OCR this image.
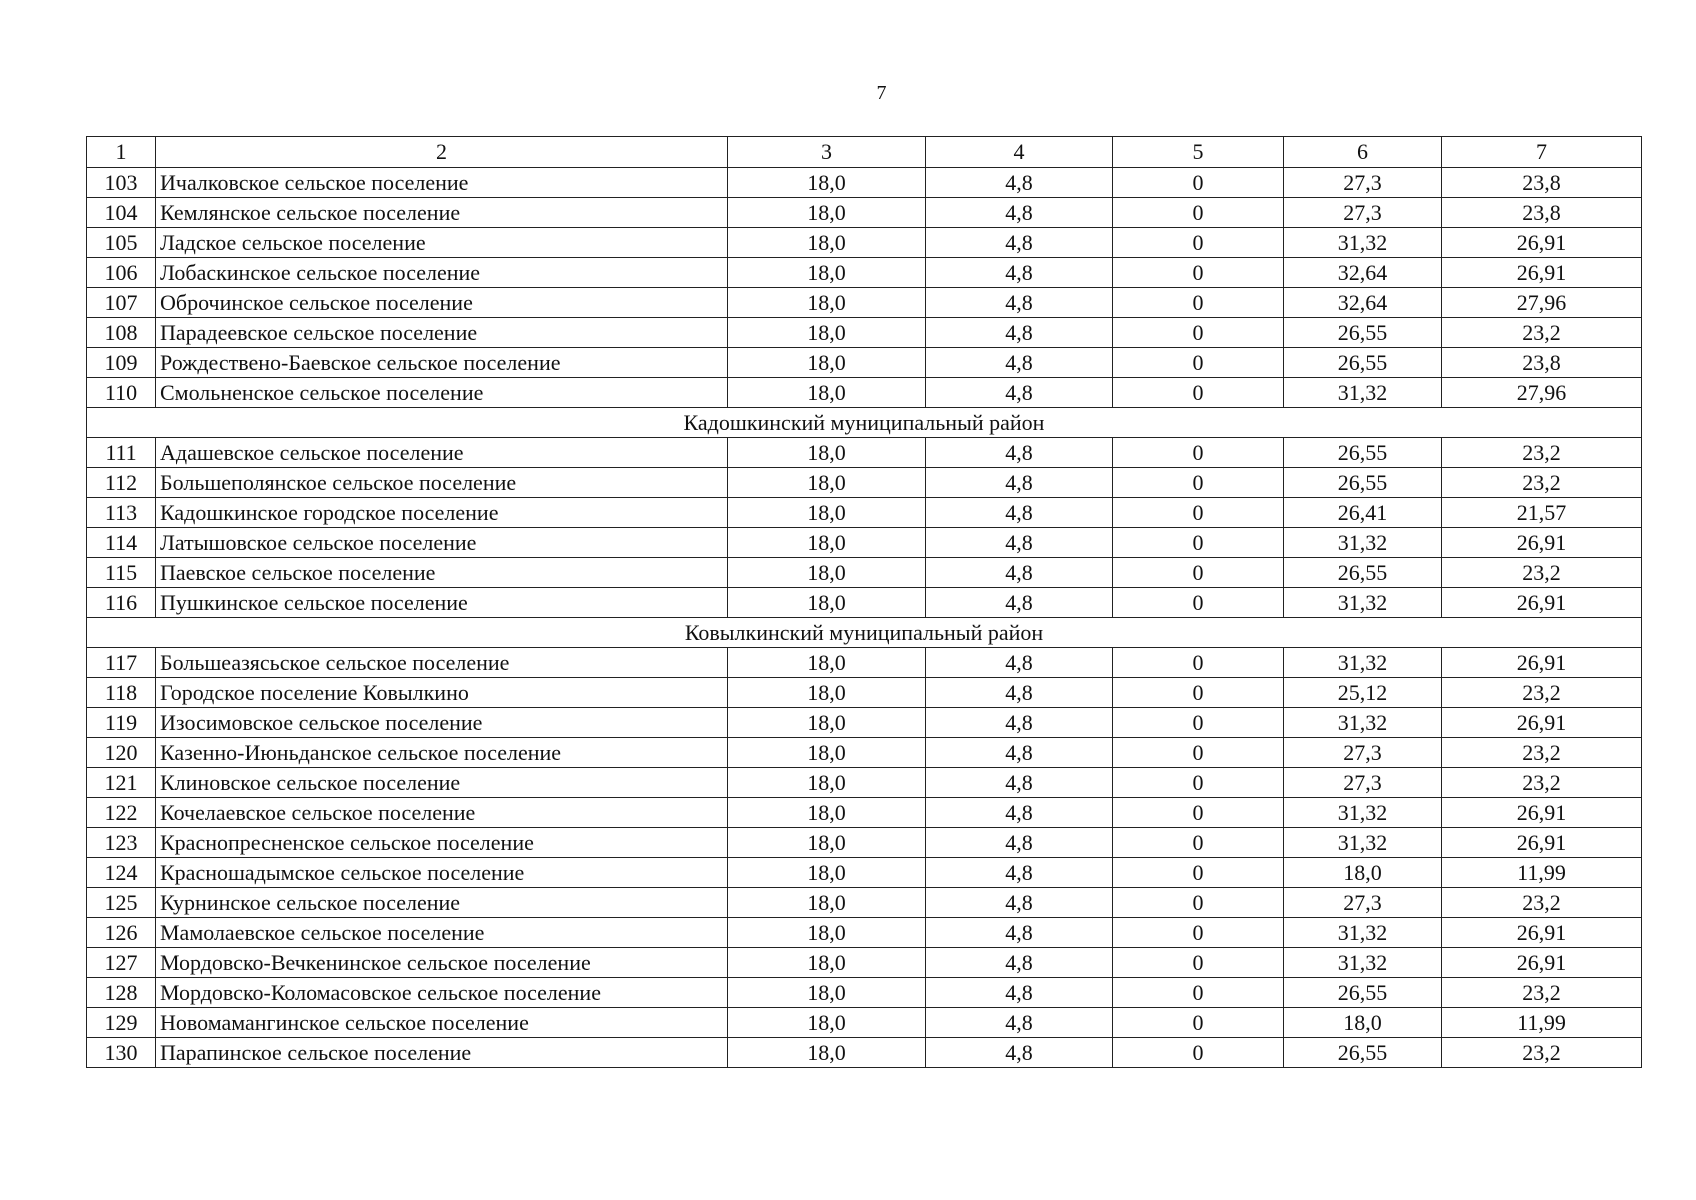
7
1	2	3	4	5	6	7
103	Ичалковское сельское поселение	18,0	4,8	0	27,3	23,8
104	Кемлянское сельское поселение	18,0	4,8	0	27,3	23,8
105	Ладское сельское поселение	18,0	4,8	0	31,32	26,91
106	Лобаскинское сельское поселение	18,0	4,8	0	32,64	26,91
107	Оброчинское сельское поселение	18,0	4,8	0	32,64	27,96
108	Парадеевское сельское поселение	18,0	4,8	0	26,55	23,2
109	Рождествено-Баевское сельское поселение	18,0	4,8	0	26,55	23,8
110	Смольненское сельское поселение	18,0	4,8	0	31,32	27,96
Кадошкинский муниципальный район						
111	Адашевское сельское поселение	18,0	4,8	0	26,55	23,2
112	Большеполянское сельское поселение	18,0	4,8	0	26,55	23,2
113	Кадошкинское городское поселение	18,0	4,8	0	26,41	21,57
114	Латышовское сельское поселение	18,0	4,8	0	31,32	26,91
115	Паевское сельское поселение	18,0	4,8	0	26,55	23,2
116	Пушкинское сельское поселение	18,0	4,8	0	31,32	26,91
Ковылкинский муниципальный район						
117	Большеазясьское сельское поселение	18,0	4,8	0	31,32	26,91
118	Городское поселение Ковылкино	18,0	4,8	0	25,12	23,2
119	Изосимовское сельское поселение	18,0	4,8	0	31,32	26,91
120	Казенно-Июньданское сельское поселение	18,0	4,8	0	27,3	23,2
121	Клиновское сельское поселение	18,0	4,8	0	27,3	23,2
122	Кочелаевское сельское поселение	18,0	4,8	0	31,32	26,91
123	Краснопресненское сельское поселение	18,0	4,8	0	31,32	26,91
124	Красношадымское сельское поселение	18,0	4,8	0	18,0	11,99
125	Курнинское сельское поселение	18,0	4,8	0	27,3	23,2
126	Мамолаевское сельское поселение	18,0	4,8	0	31,32	26,91
127	Мордовско-Вечкенинское сельское поселение	18,0	4,8	0	31,32	26,91
128	Мордовско-Коломасовское сельское поселение	18,0	4,8	0	26,55	23,2
129	Новомамангинское сельское поселение	18,0	4,8	0	18,0	11,99
130	Парапинское сельское поселение	18,0	4,8	0	26,55	23,2
